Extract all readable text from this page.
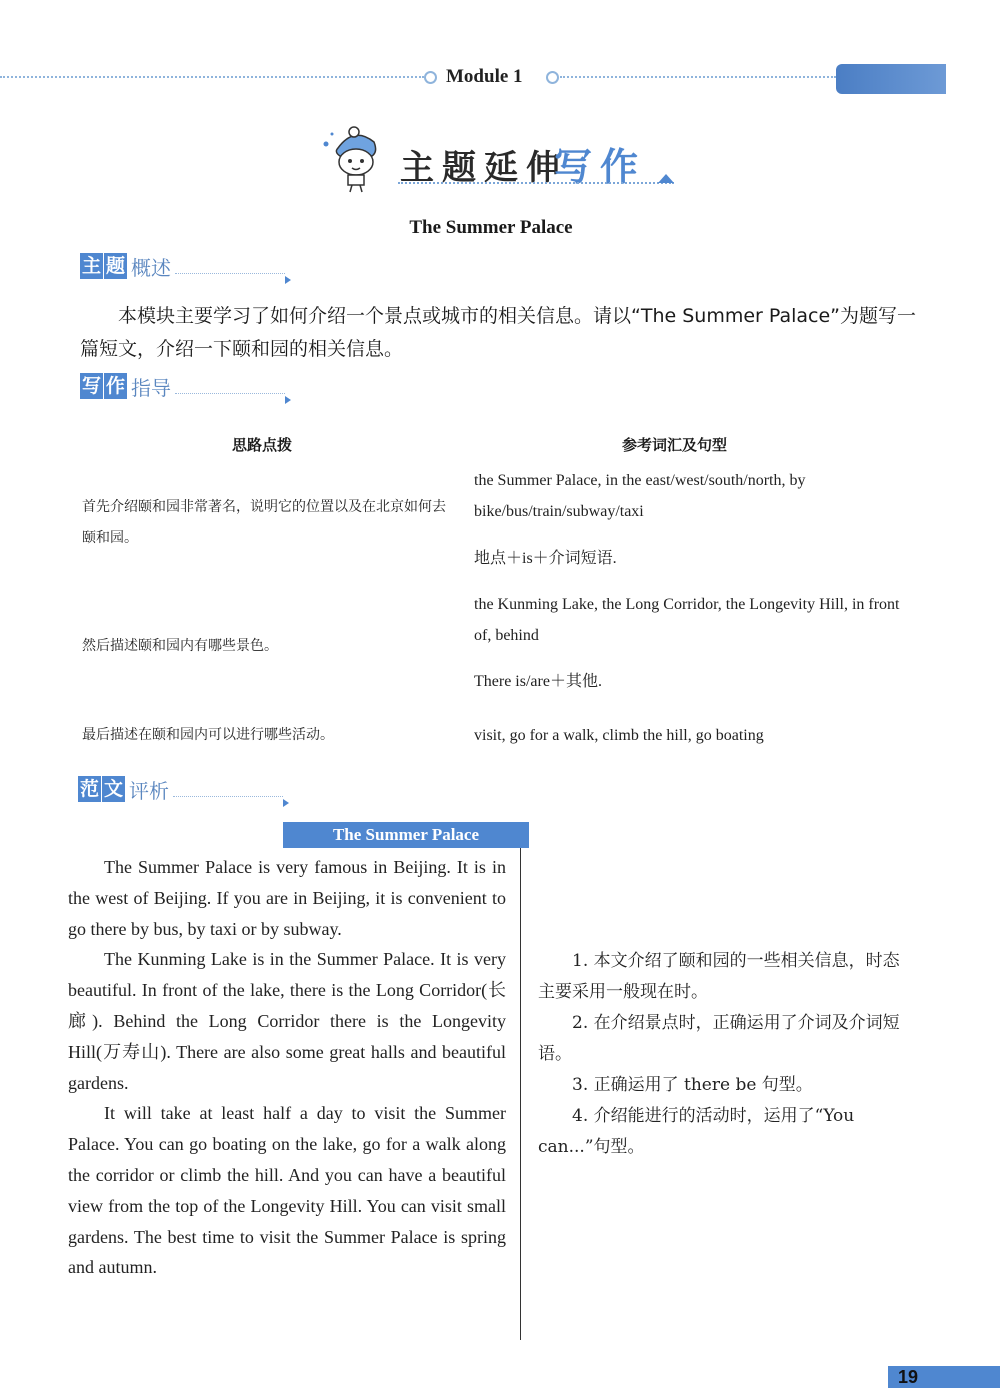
Module 1
主题延伸
写作
The Summer Palace
主 题 概述
本模块主要学习了如何介绍一个景点或城市的相关信息。请以“The Summer Palace”为题写一篇短文，介绍一下颐和园的相关信息。
写 作 指导
思路点拨	参考词汇及句型
首先介绍颐和园非常著名，说明它的位置以及在北京如何去颐和园。
然后描述颐和园内有哪些景色。
最后描述在颐和园内可以进行哪些活动。
the Summer Palace, in the east/west/south/north, by bike/bus/train/subway/taxi
地点＋is＋介词短语.
the Kunming Lake, the Long Corridor, the Longevity Hill, in front of, behind
There is/are＋其他.
visit, go for a walk, climb the hill, go boating
范 文 评析
The Summer Palace

The Summer Palace is very famous in Beijing. It is in the west of Beijing. If you are in Beijing, it is convenient to go there by bus, by taxi or by subway.

The Kunming Lake is in the Summer Palace. It is very beautiful. In front of the lake, there is the Long Corridor(长廊). Behind the Long Corridor there is the Longevity Hill(万寿山). There are also some great halls and beautiful gardens.

It will take at least half a day to visit the Summer Palace. You can go boating on the lake, go for a walk along the corridor or climb the hill. And you can have a beautiful view from the top of the Longevity Hill. You can visit small gardens. The best time to visit the Summer Palace is spring and autumn.

1. 本文介绍了颐和园的一些相关信息，时态主要采用一般现在时。

2. 在介绍景点时，正确运用了介词及介词短语。

3. 正确运用了 there be 句型。

4. 介绍能进行的活动时，运用了“You can...”句型。

19
